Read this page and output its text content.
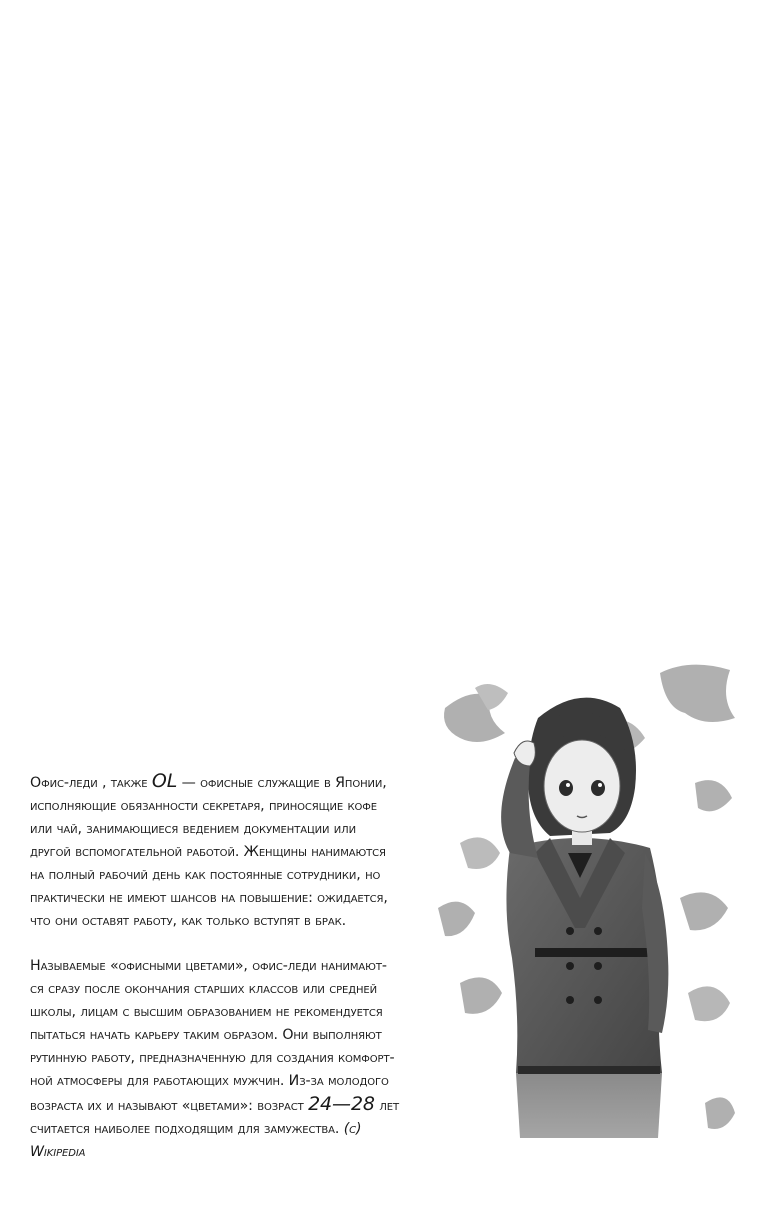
Офис-леди , также OL — офисные служащие в Японии,
исполняющие обязанности секретаря, приносящие кофе
или чай, занимающиеся ведением документации или
другой вспомогательной работой. Женщины нанимаются
на полный рабочий день как постоянные сотрудники, но
практически не имеют шансов на повышение: ожидается,
что они оставят работу, как только вступят в брак.

Называемые «офисными цветами», офис-леди нанимают-
ся сразу после окончания старших классов или средней
школы, лицам с высшим образованием не рекомендуется
пытаться начать карьеру таким образом. Они выполняют
рутинную работу, предназначенную для создания комфорт-
ной атмосферы для работающих мужчин. Из-за молодого
возраста их и называют «цветами»: возраст 24—28 лет
считается наиболее подходящим для замужества. (c)
Wikipedia
